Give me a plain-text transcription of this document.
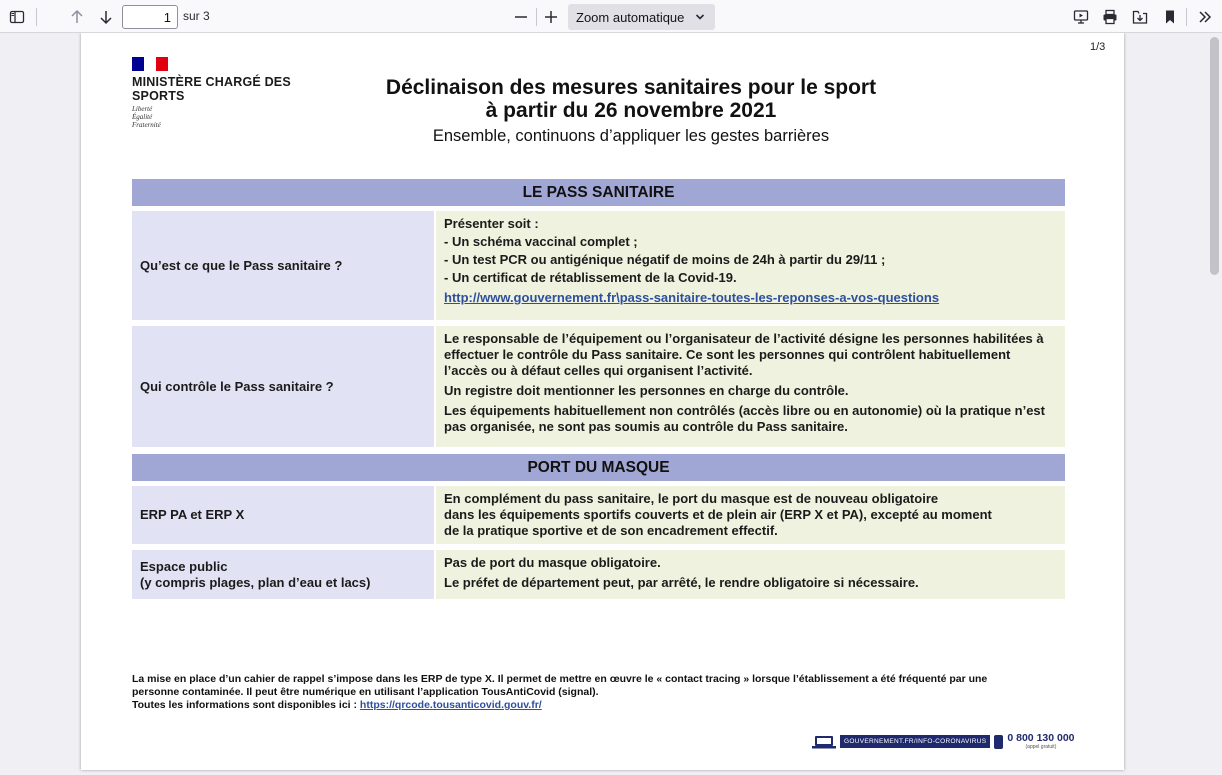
1
sur 3	Zoom automatique
1/3
MINISTÈRE CHARGÉ DES SPORTS
Liberté
Égalité
Fraternité
Déclinaison des mesures sanitaires pour le sport
à partir du 26 novembre 2021
Ensemble, continuons d’appliquer les gestes barrières
LE PASS SANITAIRE
Qu’est ce que le Pass sanitaire ?

Présenter soit :

- Un schéma vaccinal complet ;

- Un test PCR ou antigénique négatif de moins de 24h à partir du 29/11 ;

- Un certificat de rétablissement de la Covid-19.

http://www.gouvernement.fr\pass-sanitaire-toutes-les-reponses-a-vos-questions
Qui contrôle le Pass sanitaire ?

Le responsable de l’équipement ou l’organisateur de l’activité désigne les personnes habilitées à effectuer le contrôle du Pass sanitaire. Ce sont les personnes qui contrôlent habituellement l’accès ou à défaut celles qui organisent l’activité.

Un registre doit mentionner les personnes en charge du contrôle.

Les équipements habituellement non contrôlés (accès libre ou en autonomie) où la pratique n’est pas organisée, ne sont pas soumis au contrôle du Pass sanitaire.

PORT DU MASQUE
ERP PA et ERP X
En complément du pass sanitaire, le port du masque est de nouveau obligatoire
dans les équipements sportifs couverts et de plein air (ERP X et PA), excepté au moment
de la pratique sportive et de son encadrement effectif.
Espace public
(y compris plages, plan d’eau et lacs)

Pas de port du masque obligatoire.

Le préfet de département peut, par arrêté, le rendre obligatoire si nécessaire.

La mise en place d’un cahier de rappel s’impose dans les ERP de type X. Il permet de mettre en œuvre le « contact tracing » lorsque l’établissement a été fréquenté par une
personne contaminée. Il peut être numérique en utilisant l’application TousAntiCovid (signal).
Toutes les informations sont disponibles ici : https://qrcode.tousanticovid.gouv.fr/
GOUVERNEMENT.FR/INFO-CORONAVIRUS	0 800 130 000
(appel gratuit)
